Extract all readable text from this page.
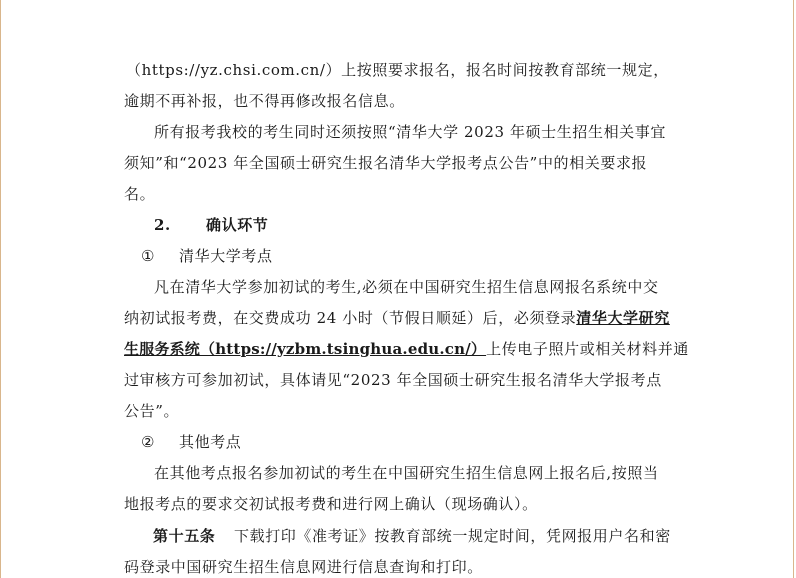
（https://yz.chsi.com.cn/）上按照要求报名，报名时间按教育部统一规定，
逾期不再补报，也不得再修改报名信息。
所有报考我校的考生同时还须按照“清华大学 2023 年硕士生招生相关事宜
须知”和“2023 年全国硕士研究生报名清华大学报考点公告”中的相关要求报
名。
2. 确认环节
① 清华大学考点
凡在清华大学参加初试的考生,必须在中国研究生招生信息网报名系统中交
纳初试报考费，在交费成功 24 小时（节假日顺延）后，必须登录清华大学研究
生服务系统（https://yzbm.tsinghua.edu.cn/）上传电子照片或相关材料并通
过审核方可参加初试，具体请见“2023 年全国硕士研究生报名清华大学报考点
公告”。
② 其他考点
在其他考点报名参加初试的考生在中国研究生招生信息网上报名后,按照当
地报考点的要求交初试报考费和进行网上确认（现场确认）。
第十五条 下载打印《准考证》按教育部统一规定时间，凭网报用户名和密
码登录中国研究生招生信息网进行信息查询和打印。
